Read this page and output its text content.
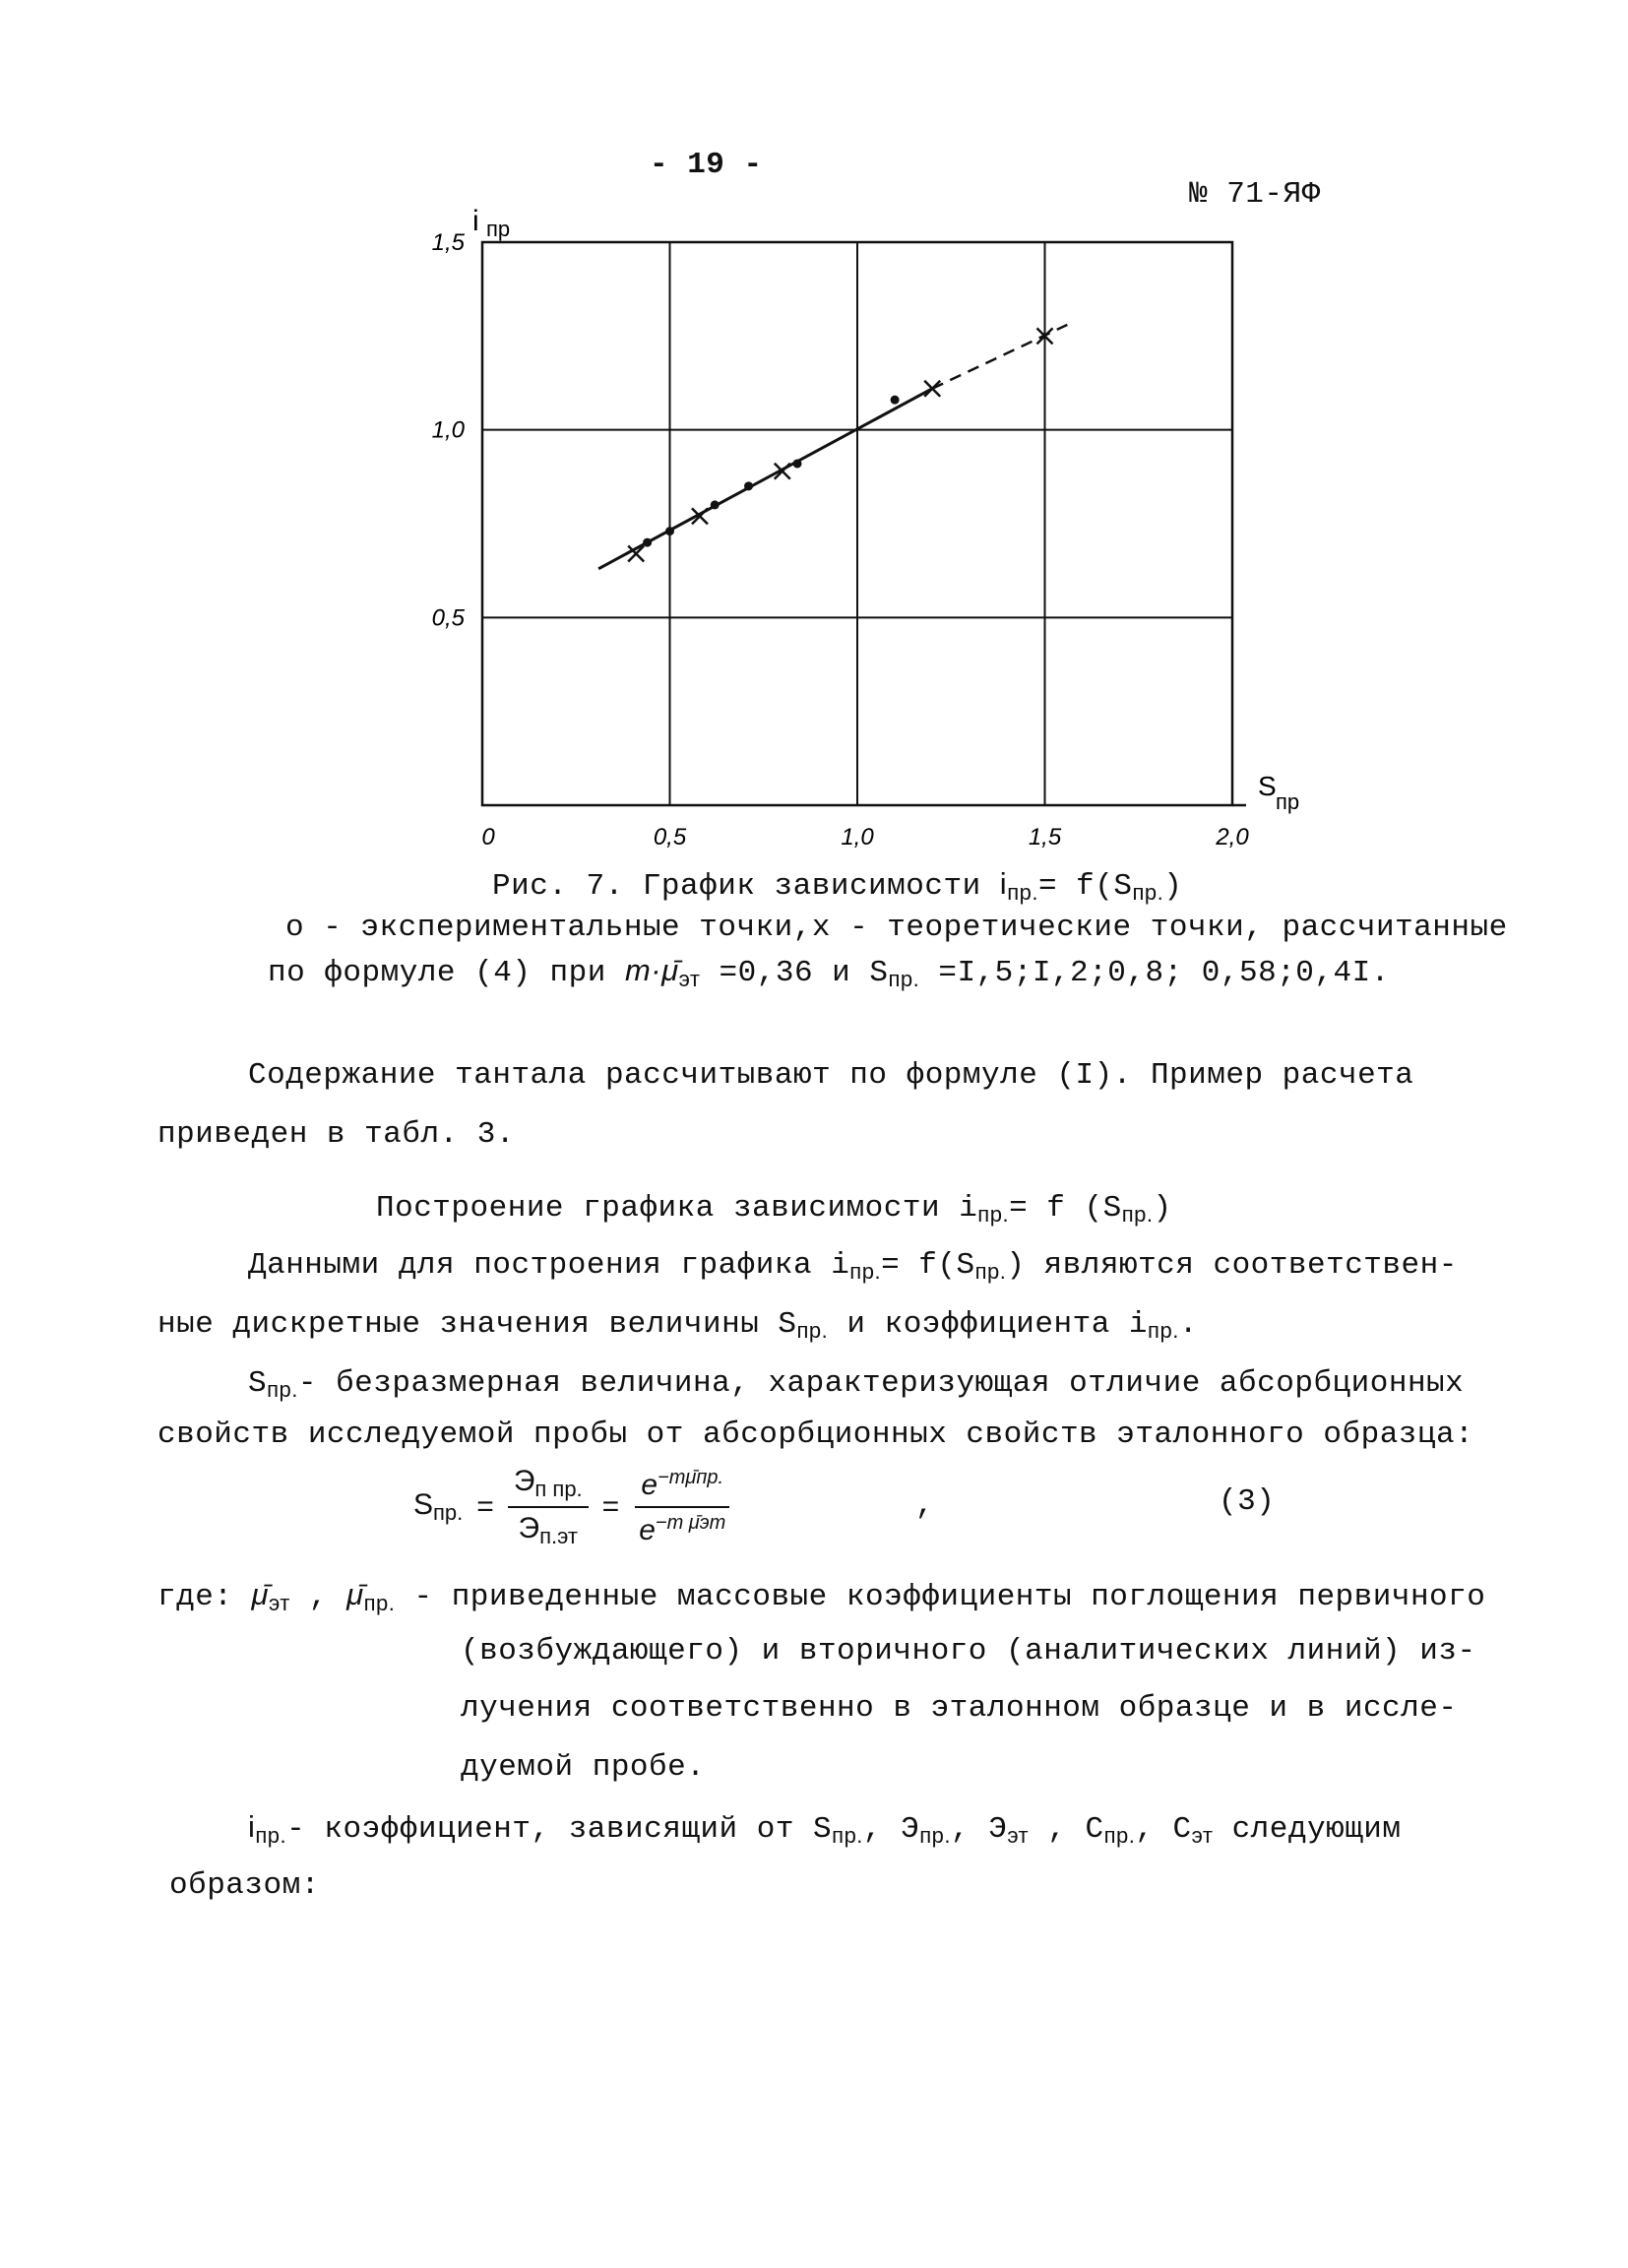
- 19 -
№ 71-ЯФ
0	0,5	1,0	1,5	2,0
0,5
1,0
1,5
i пр
S
пр
Рис. 7. График зависимости $i_{пр.}= f(S_{пр.})$
о - экспериментальные точки,х - теоретические точки, рассчитанные
по формуле (4) при $m\cdot\mū_{эт} =0,36$ и $S_{пр.}$ =I,5;I,2;0,8; 0,58;0,4I.
Содержание тантала рассчитывают по формуле (I). Пример расчета
приведен в табл. 3.
Построение графика зависимости $i_{пр.}= f$ $(S_{пр.})$
Данными для построения графика $i_{пр.}= f(S_{пр.})$ являются соответствен-
ные дискретные значения величины $S_{пр.}$ и коэффициента $i_{пр.}$.
$S_{пр.}-$ безразмерная величина, характеризующая отличие абсорбционных
свойств исследуемой пробы от абсорбционных свойств эталонного образца:
$S_{пр.} = \frac{Э_{п пр.}}{Э_{п.эт}} = \frac{e^{-m\mūпр.}}{e^{-m \mūэт}}$	,	(3)
где: $\mū_{эт}$ , $\mū_{пр.}$ - приведенные массовые коэффициенты поглощения первичного
(возбуждающего) и вторичного (аналитических линий) из-
лучения соответственно в эталонном образце и в иссле-
дуемой пробе.
$i_{пр.}-$ коэффициент, зависящий от $S_{пр.}$, $Э_{пр.}$, $Э_{эт}$ , $C_{пр.}$, $C_{эт}$ следующим
образом:
